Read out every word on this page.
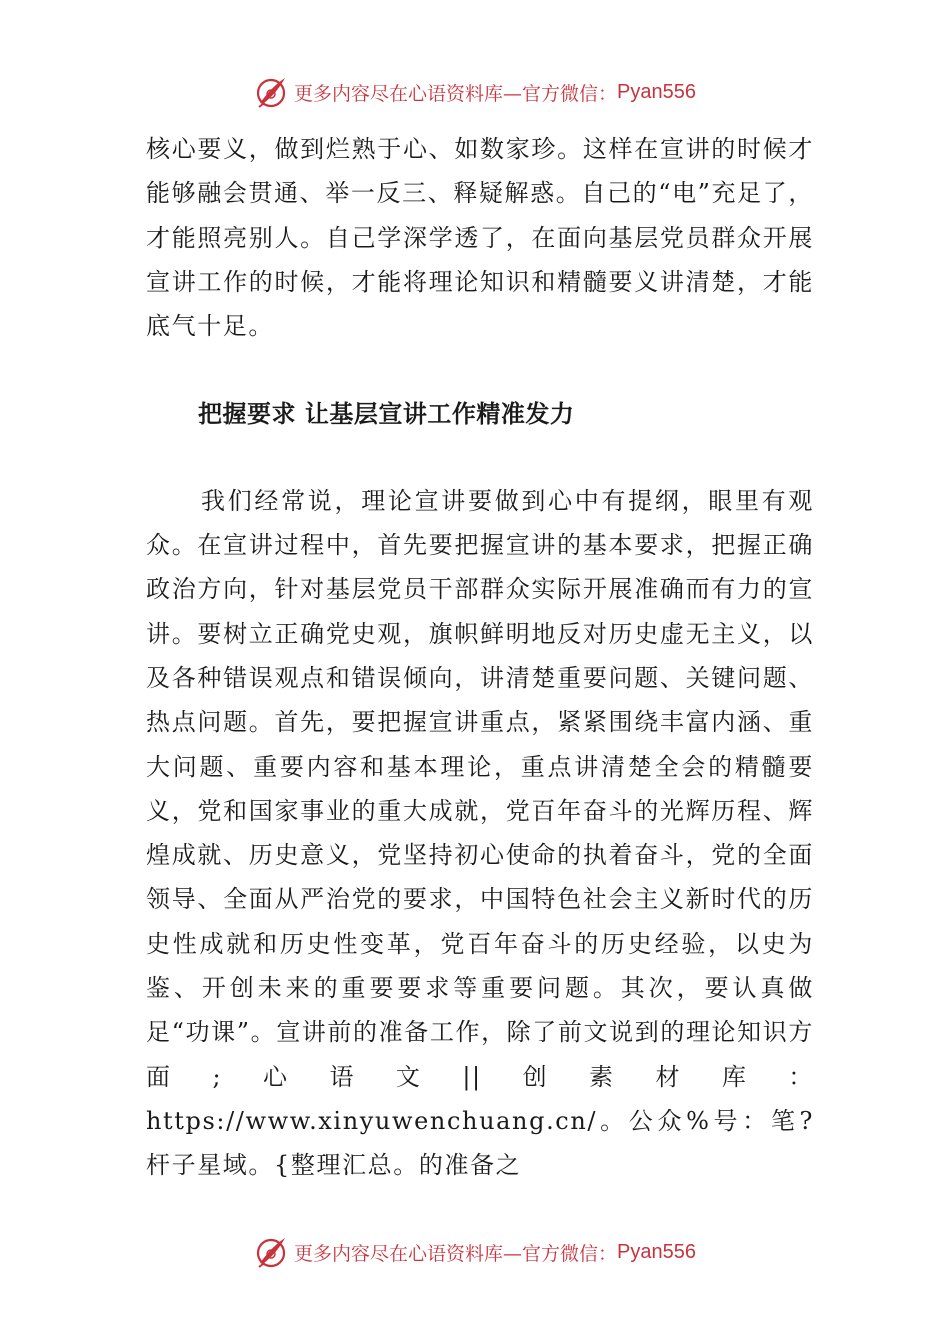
更多内容尽在心语资料库—官方微信： Pyan556

核心要义，做到烂熟于心、如数家珍。这样在宣讲的时候才能够融会贯通、举一反三、释疑解惑。自己的“电”充足了，才能照亮别人。自己学深学透了，在面向基层党员群众开展宣讲工作的时候，才能将理论知识和精髓要义讲清楚，才能底气十足。

把握要求 让基层宣讲工作精准发力

我们经常说，理论宣讲要做到心中有提纲，眼里有观众。在宣讲过程中，首先要把握宣讲的基本要求，把握正确政治方向，针对基层党员干部群众实际开展准确而有力的宣讲。要树立正确党史观，旗帜鲜明地反对历史虚无主义，以及各种错误观点和错误倾向，讲清楚重要问题、关键问题、热点问题。首先，要把握宣讲重点，紧紧围绕丰富内涵、重大问题、重要内容和基本理论，重点讲清楚全会的精髓要义，党和国家事业的重大成就，党百年奋斗的光辉历程、辉煌成就、历史意义，党坚持初心使命的执着奋斗，党的全面领导、全面从严治党的要求，中国特色社会主义新时代的历史性成就和历史性变革，党百年奋斗的历史经验，以史为鉴、开创未来的重要要求等重要问题。其次，要认真做足“功课”。宣讲前的准备工作，除了前文说到的理论知识方面;心语文||创素材库：https://www.xinyuwenchuang.cn/。公众%号：笔?杆子星域。{整理汇总。的准备之

更多内容尽在心语资料库—官方微信： Pyan556
